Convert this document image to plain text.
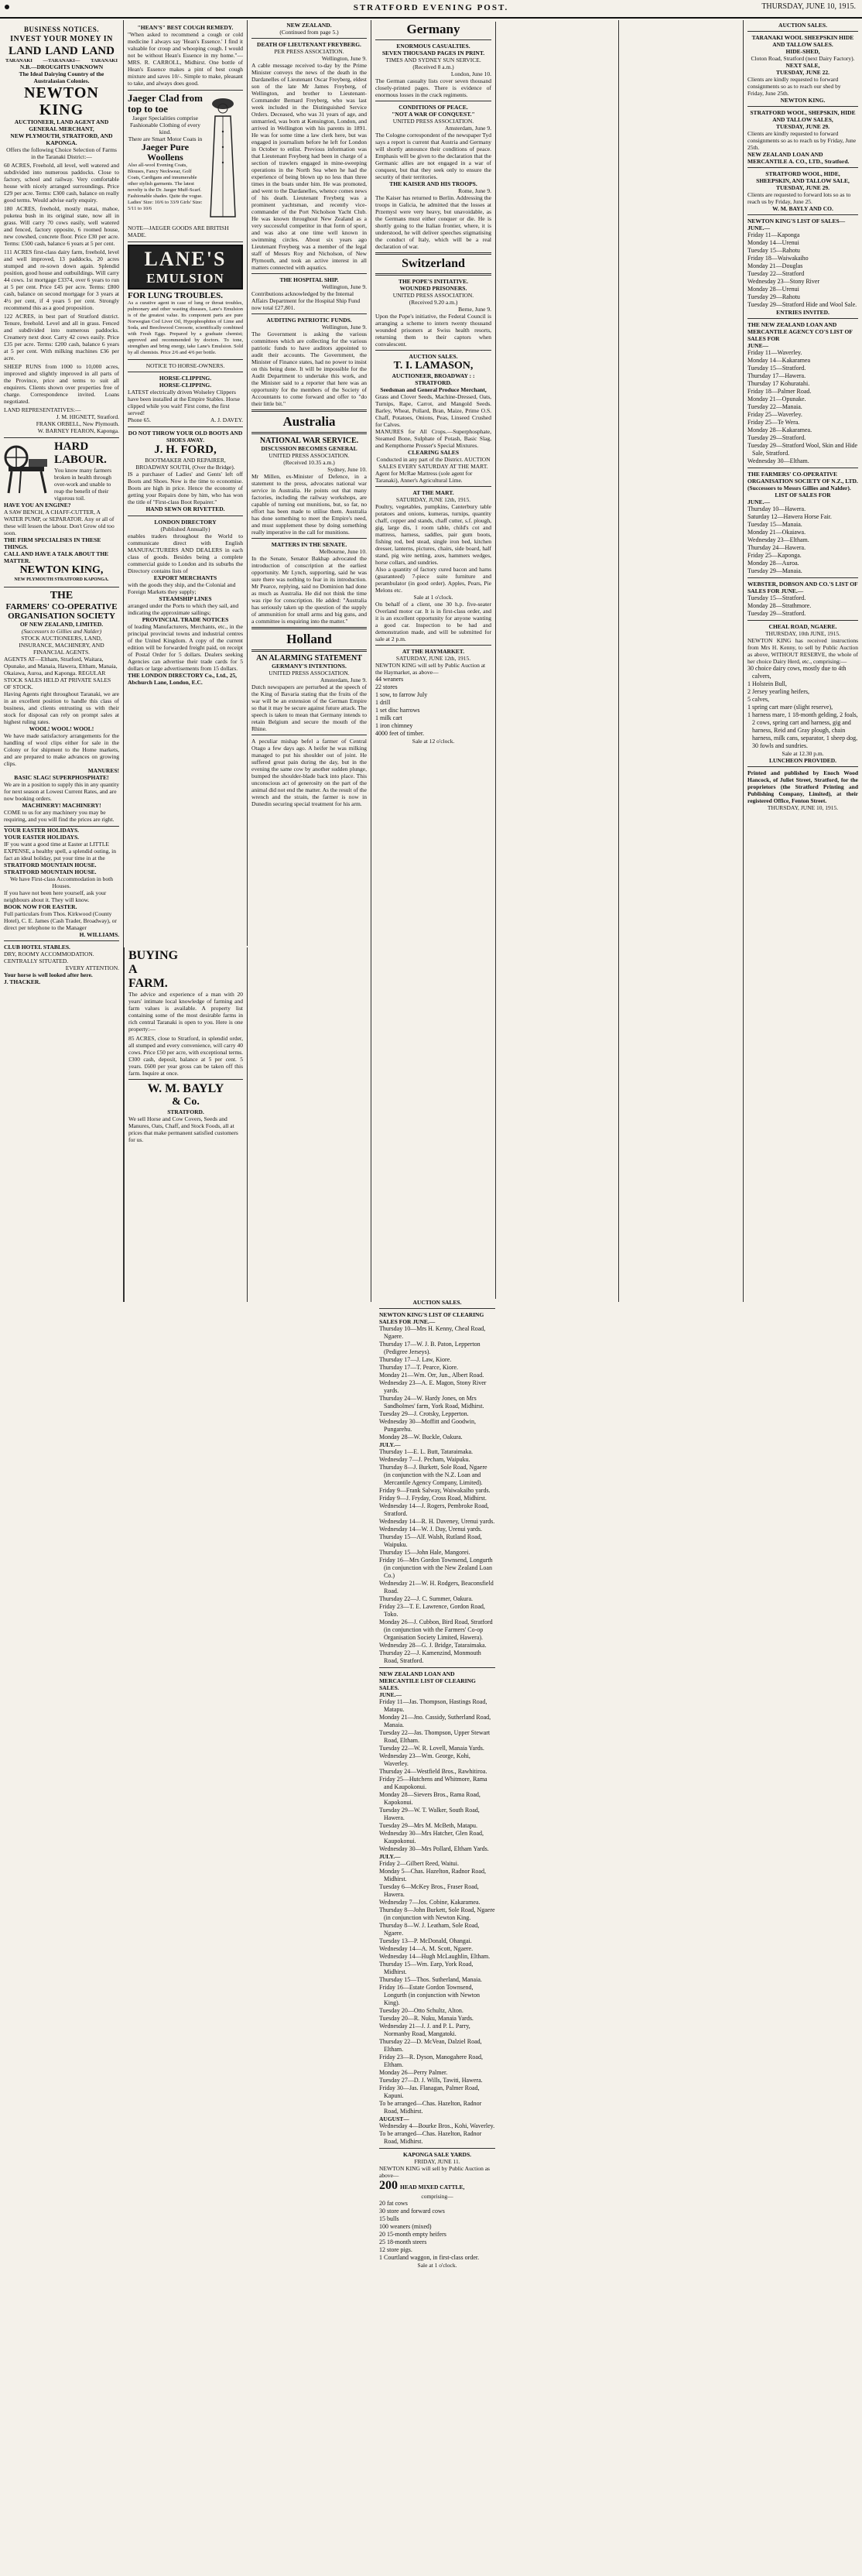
STRATFORD EVENING POST.	THURSDAY, JUNE 10, 1915.
BUSINESS NOTICES.
INVEST YOUR MONEY IN
LAND LAND LAND
TARANAKI —TARANAKI— TARANAKI
N.B.—DROUGHTS UNKNOWN
The Ideal Dairying Country of the Australasian Colonies.
NEWTON KING
AUCTIONEER, LAND AGENT AND GENERAL MERCHANT,
NEW PLYMOUTH, STRATFORD, AND KAPONGA.
Offers the following Choice Selection of Farms in the Taranaki District:—
60 ACRES, Freehold, all level, well watered and subdivided into numerous paddocks. Close to factory, school and railway. Very comfortable house with nicely arranged surroundings. Price £29 per acre. Terms: £300 cash, balance on really good terms. Would advise early enquiry.
180 ACRES, freehold, mostly matai, mahoe, puketea bush in its original state, now all in grass. Will carry 70 cows easily, well watered and fenced, factory opposite, 6 roomed house, new cowshed, concrete floor. Price £30 per acre. Terms: £500 cash, balance 6 years at 5 per cent.
111 ACRES first-class dairy farm, freehold, level and well improved, 13 paddocks, 20 acres stumped and re-sown down again. Splendid position, good house and outbuildings. Will carry 44 cows. 1st mortgage £3374, over 6 years to run at 5 per cent. Price £45 per acre. Terms: £800 cash, balance on second mortgage for 3 years at 4½ per cent, if 4 years 5 per cent. Strongly recommend this as a good proposition.
122 ACRES, in best part of Stratford district. Tenure, freehold. Level and all in grass. Fenced and subdivided into numerous paddocks. Creamery next door. Carry 42 cows easily. Price £35 per acre. Terms: £200 cash, balance 6 years at 5 per cent. With milking machines £36 per acre.
SHEEP RUNS from 1000 to 10,000 acres, improved and slightly improved in all parts of the Province, price and terms to suit all enquirers. Clients shown over properties free of charge. Correspondence invited. Loans negotiated.
LAND REPRESENTATIVES:—
J. M. HIGNETT, Stratford.
FRANK ORBELL, New Plymouth.
W. BARNEY FEARON, Kaponga.
HARD
LABOUR.
You know many farmers broken in health through over-work and unable to reap the benefit of their vigorous toil.
HAVE YOU AN ENGINE?
A SAW BENCH, A CHAFF-CUTTER, A WATER PUMP, or SEPARATOR. Any or all of these will lessen the labour. Don't Grow old too soon.
THE FIRM SPECIALISES IN THESE THINGS.
CALL AND HAVE A TALK ABOUT THE MATTER.
NEWTON KING,
NEW PLYMOUTH STRATFORD KAPONGA.
THE
FARMERS' CO-OPERATIVE
ORGANISATION SOCIETY
OF NEW ZEALAND, LIMITED.
(Successors to Gillies and Nalder)
STOCK AUCTIONEERS, LAND, INSURANCE, MACHINERY, AND FINANCIAL AGENTS.
AGENTS AT—Eltham, Stratford, Waitara, Opunake, and Manaia, Hawera, Eltham, Manaia, Okaiawa, Auroa, and Kaponga. REGULAR STOCK SALES HELD AT PRIVATE SALES OF STOCK.
Having Agents right throughout Taranaki, we are in an excellent position to handle this class of business, and clients entrusting us with their stock for disposal can rely on prompt sales at highest ruling rates.
WOOL! WOOL! WOOL!
We have made satisfactory arrangements for the handling of wool clips either for sale in the Colony or for shipment to the Home markets, and are prepared to make advances on growing clips.
MANURES!
BASIC SLAG! SUPERPHOSPHATE!
We are in a position to supply this in any quantity for next season at Lowest Current Rates, and are now booking orders.
MACHINERY! MACHINERY!
COME to us for any machinery you may be requiring, and you will find the prices are right.
YOUR EASTER HOLIDAYS.
YOUR EASTER HOLIDAYS.
IF you want a good time at Easter at LITTLE EXPENSE, a healthy spell, a splendid outing, in fact an ideal holiday, put your time in at the
STRATFORD MOUNTAIN HOUSE.
STRATFORD MOUNTAIN HOUSE.
We have First-class Accommodation in both Houses.
If you have not been here yourself, ask your neighbours about it. They will know.
BOOK NOW FOR EASTER.
Full particulars from Thos. Kirkwood (County Hotel), C. E. James (Cash Trader, Broadway), or direct per telephone to the Manager
H. WILLIAMS.
CLUB HOTEL STABLES.
DRY, ROOMY ACCOMMODATION.
CENTRALLY SITUATED.
EVERY ATTENTION.
Your horse is well looked after here.
J. THACKER.
BUYING
A
FARM.
The advice and experience of a man with 20 years' intimate local knowledge of farming and farm values is available. A property list containing some of the most desirable farms in rich central Taranaki is open to you. Here is one property:—
85 ACRES, close to Stratford, in splendid order, all stumped and every convenience, will carry 40 cows. Price £50 per acre, with exceptional terms. £300 cash, deposit, balance at 5 per cent. 5 years. £600 per year gross can be taken off this farm. Inquire at once.
W. M. BAYLY
& Co.
STRATFORD.
We sell Horse and Cow Covers, Seeds and Manures, Oats, Chaff, and Stock Foods, all at prices that make permanent satisfied customers for us.
"HEAN'S" BEST COUGH REMEDY.
"When asked to recommend a cough or cold medicine I always say 'Hean's Essence.' I find it valuable for croup and whooping cough. I would not be without Hean's Essence in my home."—MRS. R. CARROLL, Midhirst. One bottle of Hean's Essence makes a pint of best cough mixture and saves 10/-. Simple to make, pleasant to take, and always does good.
Jaeger Clad from top to toe
Jaeger Specialities comprise Fashionable Clothing of every kind.
There are Smart Motor Coats in
Jaeger Pure Woollens
Also all-wool Evening Coats, Blouses, Fancy Neckwear, Golf Coats, Cardigans and innumerable other stylish garments. The latest novelty is the Dr. Jaeger Muff-Scarf. Fashionable shades. Quite the vogue. Ladies' Size: 10/6 to 33/9 Girls' Size: 5/11 to 10/6
NOTE—JAEGER GOODS ARE BRITISH MADE.
LANE'S
EMULSION
FOR LUNG TROUBLES.
As a curative agent in case of lung or throat troubles, pulmonary and other wasting diseases, Lane's Emulsion is of the greatest value. Its component parts are pure Norwegian Cod Liver Oil, Hypophosphites of Lime and Soda, and Beechwood Creosote, scientifically combined with Fresh Eggs. Prepared by a graduate chemist; approved and recommended by doctors. To tone, strengthen and bring energy, take Lane's Emulsion. Sold by all chemists. Price 2/6 and 4/6 per bottle.
NOTICE TO HORSE-OWNERS.
HORSE-CLIPPING.
HORSE-CLIPPING.
LATEST electrically driven Wolseley Clippers have been installed at the Empire Stables. Horse clipped while you wait! First come, the first served!
Phone 65.	A. J. DAVEY.
DO NOT THROW YOUR OLD BOOTS AND SHOES AWAY.
J. H. FORD,
BOOTMAKER AND REPAIRER, BROADWAY SOUTH, (Over the Bridge).
IS a purchaser of Ladies' and Gents' left off Boots and Shoes. Now is the time to economise. Boots are high in price. Hence the economy of getting your Repairs done by him, who has won the title of "First-class Boot Repairer."
HAND SEWN OR RIVETTED.
LONDON DIRECTORY
(Published Annually)
enables traders throughout the World to communicate direct with English MANUFACTURERS AND DEALERS in each class of goods. Besides being a complete commercial guide to London and its suburbs the Directory contains lists of
EXPORT MERCHANTS
with the goods they ship, and the Colonial and Foreign Markets they supply;
STEAMSHIP LINES
arranged under the Ports to which they sail, and indicating the approximate sailings;
PROVINCIAL TRADE NOTICES
of leading Manufacturers, Merchants, etc., in the principal provincial towns and industrial centres of the United Kingdom. A copy of the current edition will be forwarded freight paid, on receipt of Postal Order for 5 dollars. Dealers seeking Agencies can advertise their trade cards for 5 dollars or large advertisements from 15 dollars.
THE LONDON DIRECTORY Co., Ltd., 25, Abchurch Lane, London, E.C.
NEW ZEALAND.
(Continued from page 5.)
DEATH OF LIEUTENANT FREYBERG.
PER PRESS ASSOCIATION.
Wellington, June 9.
A cable message received to-day by the Prime Minister conveys the news of the death in the Dardanelles of Lieutenant Oscar Freyberg, eldest son of the late Mr James Freyberg, of Wellington, and brother to Lieutenant-Commander Bernard Freyberg, who was last week included in the Distinguished Service Orders. Deceased, who was 31 years of age, and unmarried, was born at Kensington, London, and arrived in Wellington with his parents in 1891. He was for some time a law clerk here, but was engaged in journalism before he left for London in October to enlist. Previous information was that Lieutenant Freyberg had been in charge of a section of trawlers engaged in mine-sweeping operations in the North Sea when he had the experience of being blown up no less than three times in the boats under him. He was promoted, and went to the Dardanelles, whence comes news of his death. Lieutenant Freyberg was a prominent yachtsman, and recently vice-commander of the Port Nicholson Yacht Club. He was known throughout New Zealand as a very successful competitor in that form of sport, and was also at one time well known in swimming circles. About six years ago Lieutenant Freyberg was a member of the legal staff of Messrs Roy and Nicholson, of New Plymouth, and took an active interest in all matters connected with aquatics.
THE HOSPITAL SHIP.
Wellington, June 9.
Contributions acknowledged by the Internal Affairs Department for the Hospital Ship Fund now total £27,801.
AUDITING PATRIOTIC FUNDS.
Wellington, June 9.
The Government is asking the various committees which are collecting for the various patriotic funds to have auditors appointed to audit their accounts. The Government, the Minister of Finance states, had no power to insist on this being done. It will be impossible for the Audit Department to undertake this work, and the Minister said to a reporter that here was an opportunity for the members of the Society of Accountants to come forward and offer to "do their little bit."
Australia
NATIONAL WAR SERVICE.
DISCUSSION BECOMES GENERAL
UNITED PRESS ASSOCIATION.
(Received 10.35 a.m.)
Sydney, June 10.
Mr Millen, ex-Minister of Defence, in a statement to the press, advocates national war service in Australia. He points out that many factories, including the railway workshops, are capable of turning out munitions, but, so far, no effort has been made to utilise them. Australia has done something to meet the Empire's need, and must supplement these by doing something really imperative in the call for munitions.
MATTERS IN THE SENATE.
Melbourne, June 10.
In the Senate, Senator Bakhap advocated the introduction of conscription at the earliest opportunity. Mr Lynch, supporting, said he was sure there was nothing to fear in its introduction. Mr Pearce, replying, said no Dominion had done as much as Australia. He did not think the time was ripe for conscription. He added: "Australia has seriously taken up the question of the supply of ammunition for small arms and big guns, and a committee is enquiring into the matter."
Holland
AN ALARMING STATEMENT
GERMANY'S INTENTIONS.
UNITED PRESS ASSOCIATION.
Amsterdam, June 9.
Dutch newspapers are perturbed at the speech of the King of Bavaria stating that the fruits of the war will be an extension of the German Empire so that it may be secure against future attack. The speech is taken to mean that Germany intends to retain Belgium and secure the mouth of the Rhine.
A peculiar mishap befel a farmer of Central Otago a few days ago. A heifer he was milking managed to put his shoulder out of joint. He suffered great pain during the day, but in the evening the same cow by another sudden plunge, bumped the shoulder-blade back into place. This unconscious act of generosity on the part of the animal did not end the matter. As the result of the wrench and the strain, the farmer is now in Dunedin securing special treatment for his arm.
Germany
ENORMOUS CASUALTIES.
SEVEN THOUSAND PAGES IN PRINT.
TIMES AND SYDNEY SUN SERVICE.
(Received 8 a.m.)
London, June 10.
The German casualty lists cover seven thousand closely-printed pages. There is evidence of enormous losses in the crack regiments.
CONDITIONS OF PEACE.
"NOT A WAR OF CONQUEST."
UNITED PRESS ASSOCIATION.
Amsterdam, June 9.
The Cologne correspondent of the newspaper Tyd says a report is current that Austria and Germany will shortly announce their conditions of peace. Emphasis will be given to the declaration that the Germanic allies are not engaged in a war of conquest, but that they seek only to ensure the security of their territories.
THE KAISER AND HIS TROOPS.
Rome, June 9.
The Kaiser has returned to Berlin. Addressing the troops in Galicia, he admitted that the losses at Przemysl were very heavy, but unavoidable, as the Germans must either conquer or die. He is shortly going to the Italian frontier, where, it is understood, he will deliver speeches stigmatising the conduct of Italy, which will be a real declaration of war.
Switzerland
THE POPE'S INITIATIVE.
WOUNDED PRISONERS.
UNITED PRESS ASSOCIATION.
(Received 9.20 a.m.)
Berne, June 9.
Upon the Pope's initiative, the Federal Council is arranging a scheme to intern twenty thousand wounded prisoners at Swiss health resorts, returning them to their captors when convalescent.
AUCTION SALES.
T. I. LAMASON,
AUCTIONEER, BROADWAY : : STRATFORD.
Seedsman and General Produce Merchant,
Grass and Clover Seeds, Machine-Dressed, Oats, Turnips, Rape, Carrot, and Mangold Seeds. Barley, Wheat, Pollard, Bran, Maize, Prime O.S. Chaff, Potatoes, Onions, Peas, Linseed Crushed for Calves.
MANURES for All Crops.—Superphosphate, Steamed Bone, Sulphate of Potash, Basic Slag, and Kempthorne Prosser's Special Mixtures.
CLEARING SALES
Conducted in any part of the District. AUCTION SALES EVERY SATURDAY AT THE MART.
Agent for McRae Mattress (sole agent for Taranaki), Anner's Agricultural Lime.
AT THE MART.
SATURDAY, JUNE 12th, 1915.
Poultry, vegetables, pumpkins, Canterbury table potatoes and onions, kumeras, turnips, quantity chaff, copper and stands, chaff cutter, s.f. plough, gig, large dis, 1 room table, child's cot and mattress, harness, saddles, pair gum boots, fishing rod, bed stead, single iron bed, kitchen dresser, lanterns, pictures, chairs, side board, half stand, pig wire netting, axes, hammers wedges, horse collars, and sundries.
Also a quantity of factory cured bacon and hams (guaranteed) 7-piece suite furniture and perambulator (in good order). Apples, Pears, Pie Melons etc.
Sale at 1 o'clock.
On behalf of a client, one 30 h.p. five-seater Overland motor car. It is in first-class order, and it is an excellent opportunity for anyone wanting a good car. Inspection to be had and demonstration made, and will be submitted for sale at 2 p.m.
AT THE HAYMARKET.
SATURDAY, JUNE 12th, 1915.
NEWTON KING will sell by Public Auction at the Haymarket, as above—
44 weaners
22 stores
1 sow, to farrow July
1 drill
1 set disc harrows
1 milk cart
1 iron chimney
4000 feet of timber.
Sale at 12 o'clock.
AUCTION SALES.
NEWTON KING'S LIST OF CLEARING SALES FOR JUNE.—
Thursday 10—Mrs H. Kenny, Cheal Road, Ngaere.
Thursday 17—W. J. B. Paton, Lepperton (Pedigree Jerseys).
Thursday 17—J. Law, Kiore.
Thursday 17—T. Pearce, Kiore.
Monday 21—Wm. Orr, Jun., Albert Road.
Wednesday 23—A. E. Magon, Stony River yards.
Thursday 24—W. Hardy Jones, on Mrs Sandholmes' farm, York Road, Midhirst.
Tuesday 29—J. Crotsky, Lepperton.
Wednesday 30—Moffitt and Goodwin, Pungarehu.
Monday 28—W. Buckle, Oakura.
JULY.—
Thursday 1—E. L. Butt, Tataraimaka.
Wednesday 7—J. Pecham, Waipuku.
Thursday 8—J. Burkett, Sole Road, Ngaere (in conjunction with the N.Z. Loan and Mercantile Agency Company, Limited).
Friday 9—Frank Salway, Waiwakaiho yards.
Friday 9—J. Fryday, Cross Road, Midhirst.
Wednesday 14—J. Rogers, Pembroke Road, Stratford.
Wednesday 14—R. H. Daveney, Urenui yards.
Wednesday 14—W. J. Day, Urenui yards.
Thursday 15—Alf. Walsh, Rutland Road, Waipuku.
Thursday 15—John Hale, Mangorei.
Friday 16—Mrs Gordon Townsend, Longurth (in conjunction with the New Zealand Loan Co.)
Wednesday 21—W. H. Rodgers, Beaconsfield Road.
Thursday 22—J. C. Summer, Oakura.
Friday 23—T. E. Lawrence, Gordon Road, Toko.
Monday 26—J. Cubbon, Bird Road, Stratford (in conjunction with the Farmers' Co-op Organisation Society Limited, Hawera).
Wednesday 28—G. J. Bridge, Tataraimaka.
Thursday 22—J. Kamenzind, Monmouth Road, Stratford.
NEW ZEALAND LOAN AND MERCANTILE LIST OF CLEARING SALES.
JUNE.—
Friday 11—Jas. Thompson, Hastings Road, Matapu.
Monday 21—Jno. Cassidy, Sutherland Road, Manaia.
Tuesday 22—Jas. Thompson, Upper Stewart Road, Eltham.
Tuesday 22—W. R. Lovell, Manaia Yards.
Wednesday 23—Wm. George, Kohi, Waverley.
Thursday 24—Westfield Bros., Rawhitiroa.
Friday 25—Hutchens and Whitmore, Rama and Kaupokonui.
Monday 28—Sievers Bros., Rama Road, Kapokonui.
Tuesday 29—W. T. Walker, South Road, Hawera.
Tuesday 29—Mrs M. McBeth, Matapu.
Wednesday 30—Mrs Hatcher, Glen Road, Kaupokonui.
Wednesday 30—Mrs Pollard, Eltham Yards.
JULY.—
Friday 2—Gilbert Reed, Waitui.
Monday 5—Chas. Hazelton, Radnor Road, Midhirst.
Tuesday 6—McKey Bros., Fraser Road, Hawera.
Wednesday 7—Jos. Cobine, Kakaramea.
Thursday 8—John Burkett, Sole Road, Ngaere (in conjunction with Newton King.
Thursday 8—W. J. Leatham, Sole Road, Ngaere.
Tuesday 13—P. McDonald, Ohangai.
Wednesday 14—A. M. Scott, Ngaere.
Wednesday 14—Hugh McLaughlin, Eltham.
Thursday 15—Wm. Earp, York Road, Midhirst.
Thursday 15—Thos. Sutherland, Manaia.
Friday 16—Estate Gordon Townsend, Longurth (in conjunction with Newton King).
Tuesday 20—Otto Schultz, Alton.
Tuesday 20—R. Nuku, Manaia Yards.
Wednesday 21—J. J. and P. L. Parry, Normanby Road, Mangatoki.
Thursday 22—D. McVean, Dalziel Road, Eltham.
Friday 23—R. Dyson, Manogahere Road, Eltham.
Monday 26—Perry Palmer.
Tuesday 27—D. J. Wills, Tawiti, Hawera.
Friday 30—Jas. Flanagan, Palmer Road, Kapuni.
To be arranged—Chas. Hazelton, Radnor Road, Midhirst.
AUGUST—
Wednesday 4—Bourke Bros., Kohi, Waverley.
To be arranged—Chas. Hazelton, Radnor Road, Midhirst.
KAPONGA SALE YARDS.
FRIDAY, JUNE 11.
NEWTON KING will sell by Public Auction as above—
200 HEAD MIXED CATTLE,
comprising—
20 fat cows
30 store and forward cows
15 bulls
100 weaners (mixed)
20 15-month empty heifers
25 18-month steers
12 store pigs.
1 Courtland waggon, in first-class order.
Sale at 1 o'clock.
AUCTION SALES.
TARANAKI WOOL SHEEPSKIN HIDE AND TALLOW SALES.
HIDE-SHED,
Cloton Road, Stratford (next Dairy Factory).
NEXT SALE,
TUESDAY, JUNE 22.
Clients are kindly requested to forward consignments so as to reach our shed by Friday, June 25th.
NEWTON KING.
STRATFORD WOOL, SHEPSKIN, HIDE AND TALLOW SALES,
TUESDAY, JUNE 29.
Clients are kindly requested to forward consignments so as to reach us by Friday, June 25th.
NEW ZEALAND LOAN AND MERCANTILE A. CO., LTD., Stratford.
STRATFORD WOOL, HIDE, SHEEPSKIN, AND TALLOW SALE,
TUESDAY, JUNE 29.
Clients are requested to forward lots so as to reach us by Friday, June 25.
W. M. BAYLY AND CO.
NEWTON KING'S LIST OF SALES—
JUNE.—
Friday 11—Kaponga
Monday 14—Urenui
Tuesday 15—Rahotu
Friday 18—Waiwakaiho
Monday 21—Douglas
Tuesday 22—Stratford
Wednesday 23—Stony River
Monday 28—Urenui
Tuesday 29—Rahotu
Tuesday 29—Stratford Hide and Wool Sale.
ENTRIES INVITED.
THE NEW ZEALAND LOAN AND MERCANTILE AGENCY CO'S LIST OF SALES FOR
JUNE—
Friday 11—Waverley.
Monday 14—Kakaramea
Tuesday 15—Stratford.
Thursday 17—Hawera.
Thursday 17 Kohuratahi.
Friday 18—Palmer Road.
Monday 21—Opunake.
Tuesday 22—Manaia.
Friday 25—Waverley.
Friday 25—Te Wera.
Monday 28—Kakaramea.
Tuesday 29—Stratford.
Tuesday 29—Stratford Wool, Skin and Hide Sale, Stratford.
Wednesday 30—Eltham.
THE FARMERS' CO-OPERATIVE ORGANISATION SOCIETY OF N.Z., LTD. (Successors to Messrs Gillies and Nalder).
LIST OF SALES FOR
JUNE.—
Thursday 10—Hawera.
Saturday 12—Hawera Horse Fair.
Tuesday 15—Manaia.
Monday 21—Okaiawa.
Wednesday 23—Eltham.
Thursday 24—Hawera.
Friday 25—Kaponga.
Monday 28—Auroa.
Tuesday 29—Manaia.
WEBSTER, DOBSON AND CO.'S LIST OF SALES FOR JUNE.—
Tuesday 15—Stratford.
Monday 28—Strathmore.
Tuesday 29—Stratford.
CHEAL ROAD, NGAERE.
THURSDAY, 10th JUNE, 1915.
NEWTON KING has received instructions from Mrs H. Kenny, to sell by Public Auction as above, WITHOUT RESERVE, the whole of her choice Dairy Herd, etc., comprising:—
30 choice dairy cows, mostly due to 4th calvers,
1 Holstein Bull,
2 Jersey yearling heifers,
5 calves,
1 spring cart mare (slight reserve),
1 harness mare, 1 18-month gelding, 2 foals, 2 cows, spring cart and harness, gig and harness, Reid and Gray plough, chain harness, milk cans, separator, 1 sheep dog, 30 fowls and sundries.
Sale at 12.30 p.m.
LUNCHEON PROVIDED.
Printed and published by Enoch Wood Hancock, of Juliet Street, Stratford, for the proprietors (the Stratford Printing and Publishing Company, Limited), at their registered Office, Fenton Street.
THURSDAY, JUNE 10, 1915.
